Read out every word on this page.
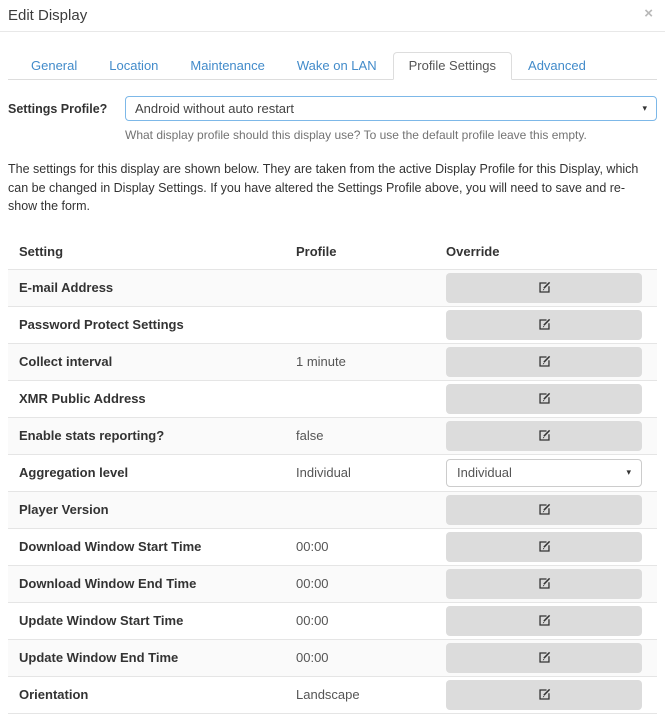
Edit Display	×
General	Location	Maintenance	Wake on LAN	Profile Settings	Advanced
Settings Profile?	Android without auto restart	▾
What display profile should this display use? To use the default profile leave this empty.
The settings for this display are shown below. They are taken from the active Display Profile for this Display, which can be changed in Display Settings. If you have altered the Settings Profile above, you will need to save and re-show the form.
Setting	Profile	Override
E-mail Address		

Password Protect Settings		

Collect interval	1 minute	

XMR Public Address		

Enable stats reporting?	false	

Aggregation level	Individual	Individual ▾

Player Version		

Download Window Start Time	00:00	

Download Window End Time	00:00	

Update Window Start Time	00:00	

Update Window End Time	00:00	

Orientation	Landscape	
